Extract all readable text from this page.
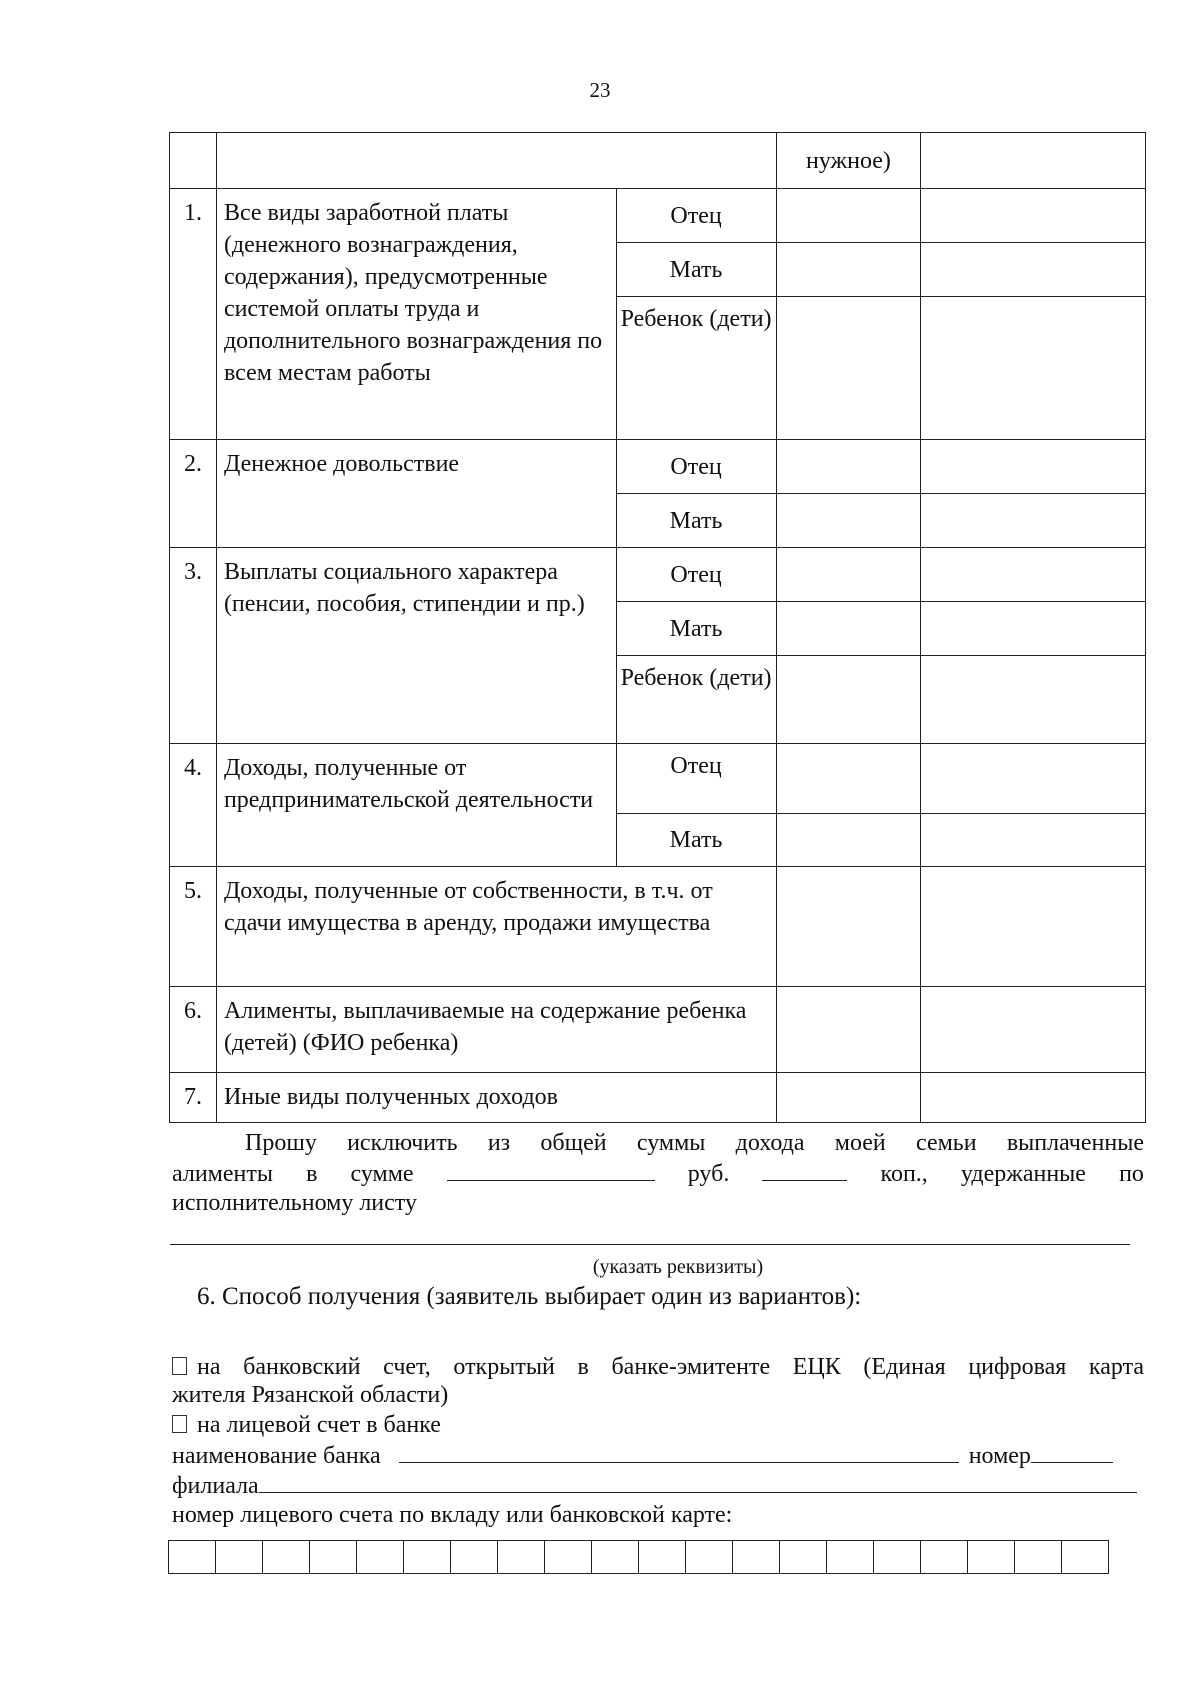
23
			нужное)	
1.	Все виды заработной платы (денежного вознаграждения, содержания), предусмотренные системой оплаты труда и дополнительного вознаграждения по всем местам работы	Отец		
		Мать		
		Ребенок (дети)		
2.	Денежное довольствие	Отец		
		Мать		
3.	Выплаты социального характера (пенсии, пособия, стипендии и пр.)	Отец		
		Мать		
		Ребенок (дети)		
4.	Доходы, полученные от предпринимательской деятельности	Отец		
		Мать		
5.	Доходы, полученные от собственности, в т.ч. от сдачи имущества в аренду, продажи имущества			
6.	Алименты, выплачиваемые на содержание ребенка (детей) (ФИО ребенка)			
7.	Иные виды полученных доходов			
Прошу исключить из общей суммы дохода моей семьи выплаченные
алименты в сумме	руб.	коп., удержанные по
исполнительному листу
(указать реквизиты)
6. Способ получения (заявитель выбирает один из вариантов):
на банковский счет, открытый в банке-эмитенте ЕЦК (Единая цифровая карта
жителя Рязанской области)
на лицевой счет в банке
наименование банка	номер
филиала
номер лицевого счета по вкладу или банковской карте:
